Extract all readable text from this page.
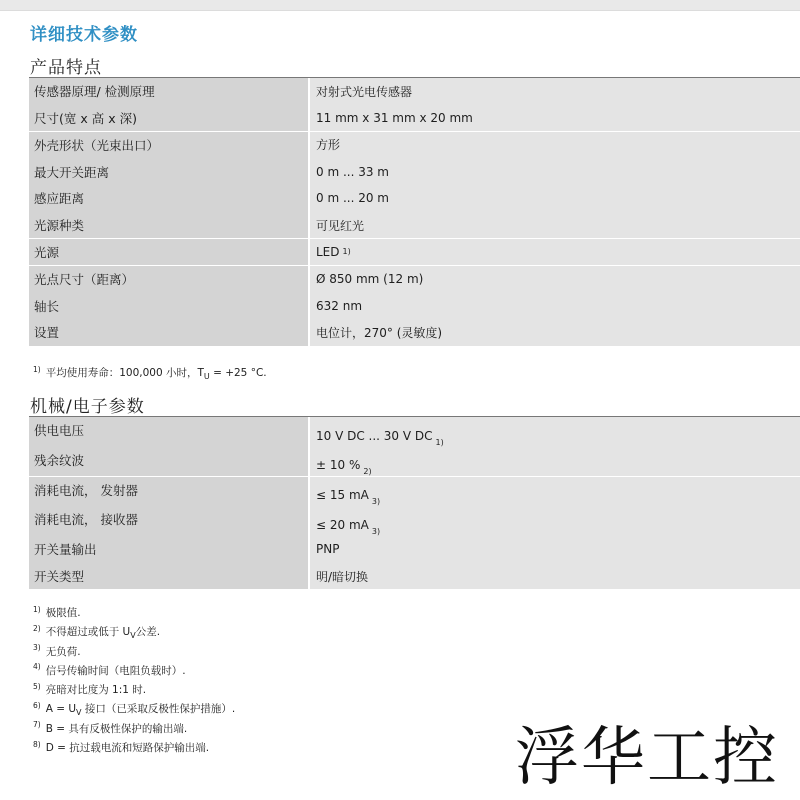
详细技术参数
产品特点
传感器原理/ 检测原理	对射式光电传感器
尺寸(宽 x 高 x 深)	11 mm x 31 mm x 20 mm
外壳形状（光束出口）	方形
最大开关距离	0 m ... 33 m
感应距离	0 m ... 20 m
光源种类	可见红光
光源	LED 1)
光点尺寸（距离）	Ø 850 mm (12 m)
轴长	632 nm
设置	电位计，270° (灵敏度)
$^{1)}$ 平均使用寿命：100,000 小时，$T_U = +25$ °C.
机械/电子参数
供电电压	10 V DC ... 30 V DC 1)
残余纹波	± 10 % 2)
消耗电流， 发射器	≤ 15 mA 3)
消耗电流， 接收器	≤ 20 mA 3)
开关量输出	PNP
开关类型	明/暗切换
$^{1)}$ 极限值.
$^{2)}$ 不得超过或低于 $U_V$公差.
$^{3)}$ 无负荷.
$^{4)}$ 信号传输时间（电阻负载时）.
$^{5)}$ 亮暗对比度为 1:1 时.
$^{6)}$ $A = U_V$ 接口（已采取反极性保护措施）.
$^{7)}$ B = 具有反极性保护的输出端.
$^{8)}$ D = 抗过载电流和短路保护输出端.	浮华工控
